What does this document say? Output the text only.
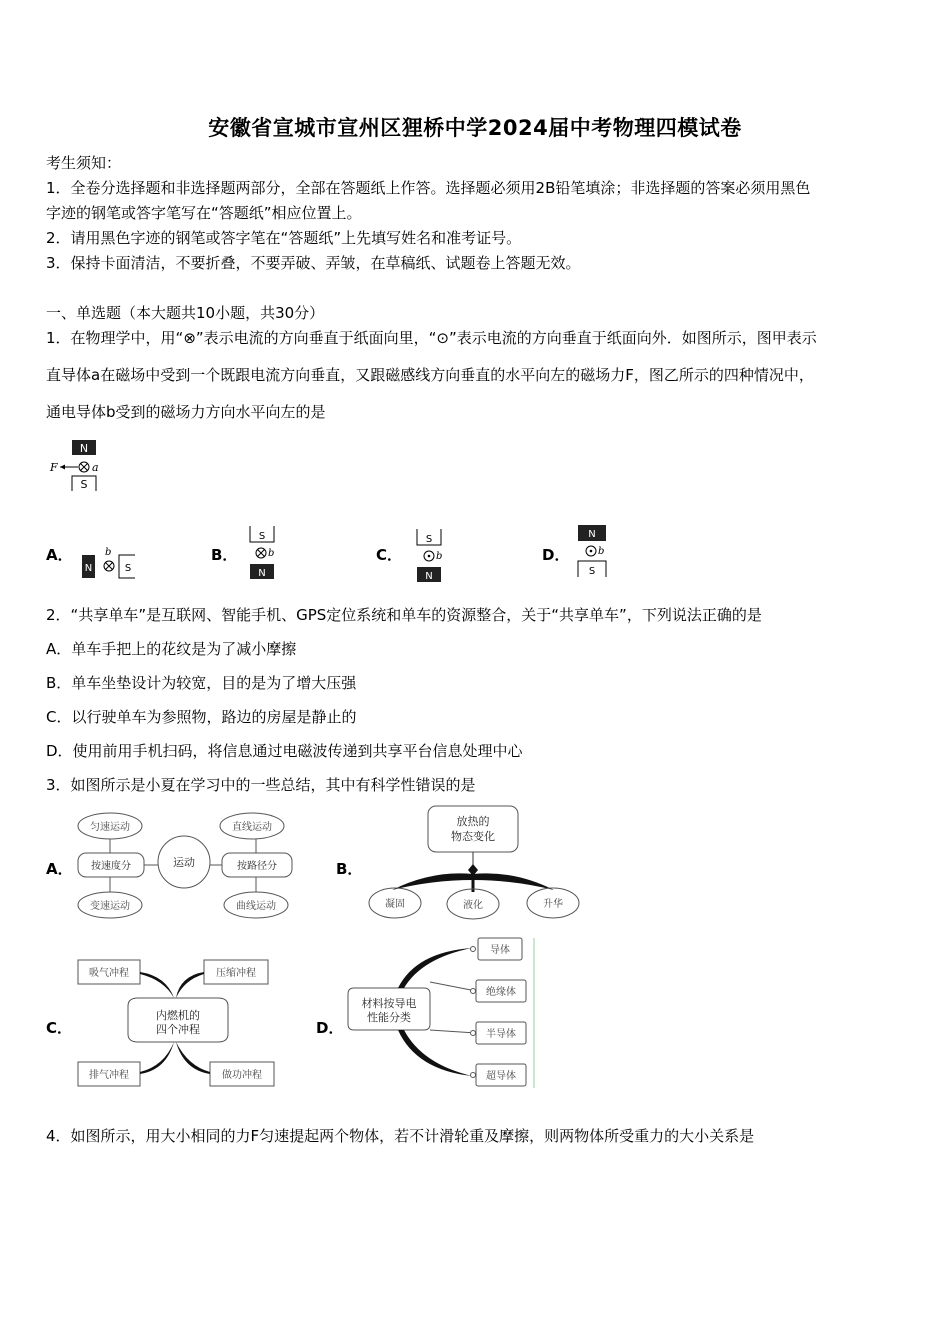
安徽省宣城市宣州区狸桥中学2024届中考物理四模试卷
考生须知：
1．全卷分选择题和非选择题两部分，全部在答题纸上作答。选择题必须用2B铅笔填涂；非选择题的答案必须用黑色
字迹的钢笔或答字笔写在“答题纸”相应位置上。
2．请用黑色字迹的钢笔或答字笔在“答题纸”上先填写姓名和准考证号。
3．保持卡面清洁，不要折叠，不要弄破、弄皱，在草稿纸、试题卷上答题无效。
一、单选题（本大题共10小题，共30分）
1．在物理学中，用“⊗”表示电流的方向垂直于纸面向里，“⊙”表示电流的方向垂直于纸面向外．如图所示，图甲表示
直导体a在磁场中受到一个既跟电流方向垂直，又跟磁感线方向垂直的水平向左的磁场力F，图乙所示的四种情况中，
通电导体b受到的磁场力方向水平向左的是
N
F	a
S
A．
N
b
S
B．
S
b
N
C．
S
b
N
D．
N
b
S
2．“共享单车”是互联网、智能手机、GPS定位系统和单车的资源整合，关于“共享单车”，下列说法正确的是
A．单车手把上的花纹是为了减小摩擦
B．单车坐垫设计为较宽，目的是为了增大压强
C．以行驶单车为参照物，路边的房屋是静止的
D．使用前用手机扫码，将信息通过电磁波传递到共享平台信息处理中心
3．如图所示是小夏在学习中的一些总结，其中有科学性错误的是
A．
匀速运动
变速运动
直线运动
曲线运动
运动
按速度分	按路径分	B．
放热的
物态变化
凝固	液化	升华
C．
吸气冲程	压缩冲程
排气冲程	做功冲程
内燃机的
四个冲程	D．
导体
绝缘体
半导体
超导体
材料按导电
性能分类
4．如图所示，用大小相同的力F匀速提起两个物体，若不计滑轮重及摩擦，则两物体所受重力的大小关系是
